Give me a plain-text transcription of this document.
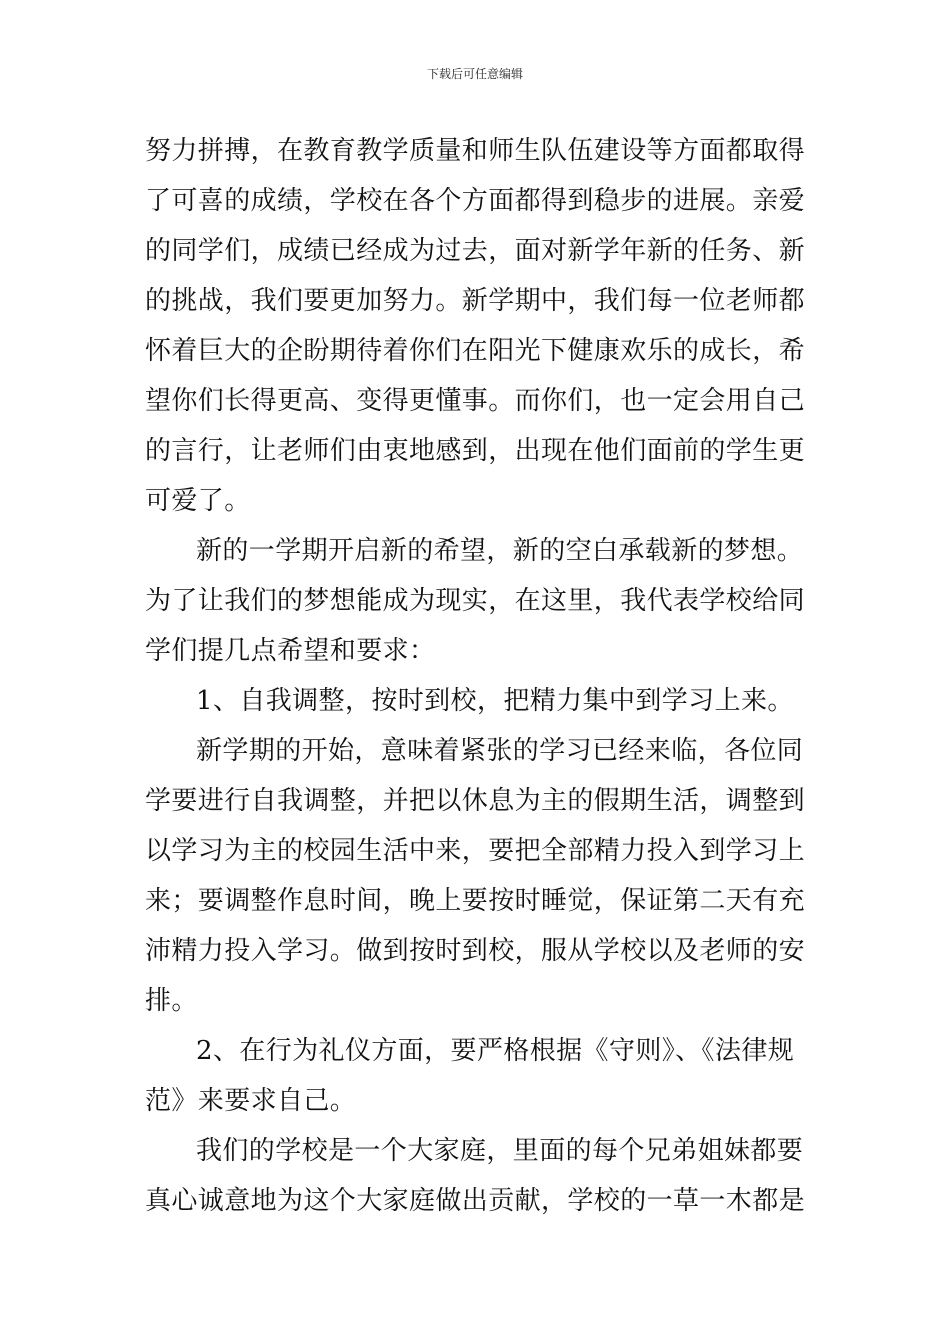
下载后可任意编辑
努力拼搏，在教育教学质量和师生队伍建设等方面都取得
了可喜的成绩，学校在各个方面都得到稳步的进展。亲爱
的同学们，成绩已经成为过去，面对新学年新的任务、新
的挑战，我们要更加努力。新学期中，我们每一位老师都
怀着巨大的企盼期待着你们在阳光下健康欢乐的成长，希
望你们长得更高、变得更懂事。而你们，也一定会用自己
的言行，让老师们由衷地感到，出现在他们面前的学生更
可爱了。
新的一学期开启新的希望，新的空白承载新的梦想。
为了让我们的梦想能成为现实，在这里，我代表学校给同
学们提几点希望和要求：
1、自我调整，按时到校，把精力集中到学习上来。
新学期的开始，意味着紧张的学习已经来临，各位同
学要进行自我调整，并把以休息为主的假期生活，调整到
以学习为主的校园生活中来，要把全部精力投入到学习上
来；要调整作息时间，晚上要按时睡觉，保证第二天有充
沛精力投入学习。做到按时到校，服从学校以及老师的安
排。
2、在行为礼仪方面，要严格根据《守则》、《法律规
范》来要求自己。
我们的学校是一个大家庭，里面的每个兄弟姐妹都要
真心诚意地为这个大家庭做出贡献，学校的一草一木都是
